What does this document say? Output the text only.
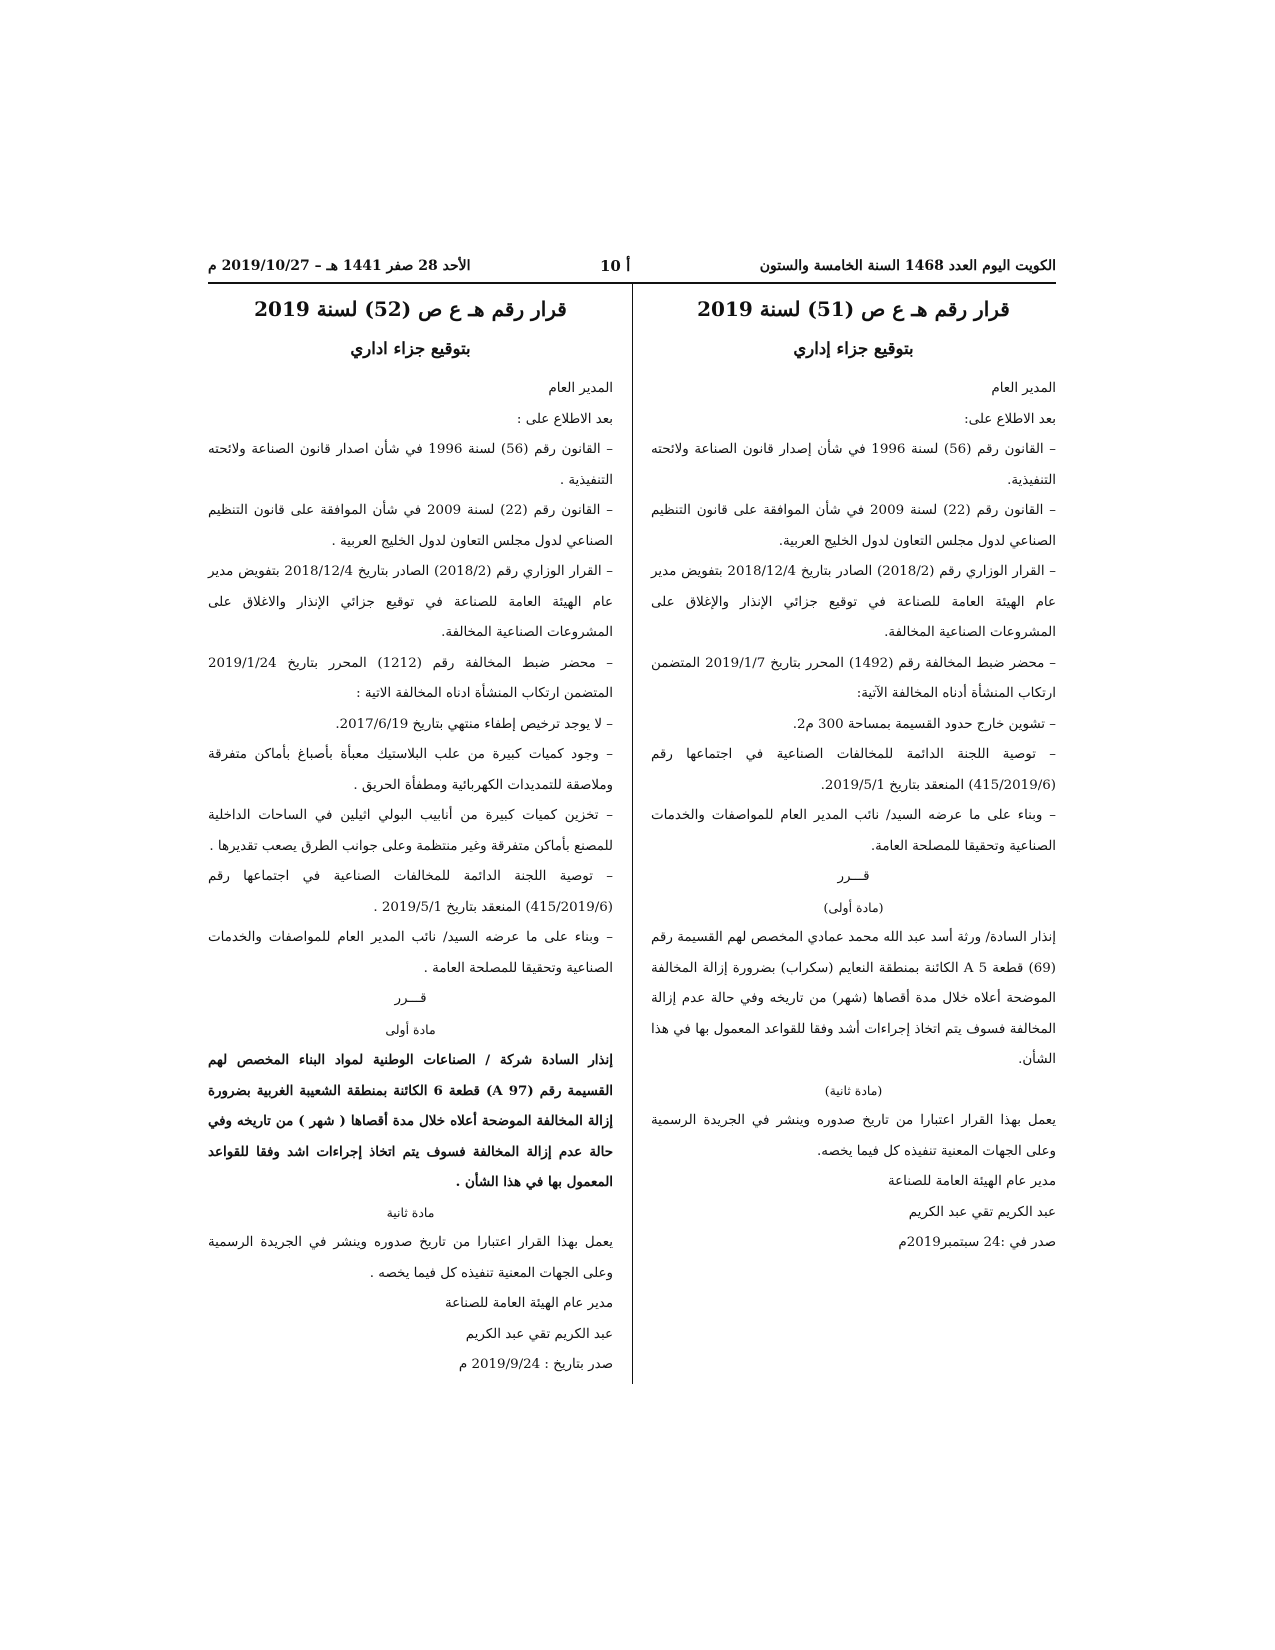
الكويت اليوم العدد 1468 السنة الخامسة والستون
أ 10
الأحد 28 صفر 1441 هـ – 2019/10/27 م
قرار رقم هـ ع ص (51) لسنة 2019
بتوقيع جزاء إداري

المدير العام

بعد الاطلاع على:

– القانون رقم (56) لسنة 1996 في شأن إصدار قانون الصناعة ولائحته التنفيذية.

– القانون رقم (22) لسنة 2009 في شأن الموافقة على قانون التنظيم الصناعي لدول مجلس التعاون لدول الخليج العربية.

– القرار الوزاري رقم (2018/2) الصادر بتاريخ 2018/12/4 بتفويض مدير عام الهيئة العامة للصناعة في توقيع جزائي الإنذار والإغلاق على المشروعات الصناعية المخالفة.

– محضر ضبط المخالفة رقم (1492) المحرر بتاريخ 2019/1/7 المتضمن ارتكاب المنشأة أدناه المخالفة الآتية:

– تشوين خارج حدود القسيمة بمساحة 300 م2.

– توصية اللجنة الدائمة للمخالفات الصناعية في اجتماعها رقم (415/2019/6) المنعقد بتاريخ 2019/5/1.

– وبناء على ما عرضه السيد/ نائب المدير العام للمواصفات والخدمات الصناعية وتحقيقا للمصلحة العامة.

قـــرر

(مادة أولى)

إنذار السادة/ ورثة أسد عبد الله محمد عمادي المخصص لهم القسيمة رقم (69) قطعة A 5 الكائنة بمنطقة النعايم (سكراب) بضرورة إزالة المخالفة الموضحة أعلاه خلال مدة أقصاها (شهر) من تاريخه وفي حالة عدم إزالة المخالفة فسوف يتم اتخاذ إجراءات أشد وفقا للقواعد المعمول بها في هذا الشأن.

(مادة ثانية)

يعمل بهذا القرار اعتبارا من تاريخ صدوره وينشر في الجريدة الرسمية وعلى الجهات المعنية تنفيذه كل فيما يخصه.

مدير عام الهيئة العامة للصناعة

عبد الكريم تقي عبد الكريم

صدر في :24 سبتمبر2019م

قرار رقم هـ ع ص (52) لسنة 2019
بتوقيع جزاء اداري

المدير العام

بعد الاطلاع على :

– القانون رقم (56) لسنة 1996 في شأن اصدار قانون الصناعة ولائحته التنفيذية .

– القانون رقم (22) لسنة 2009 في شأن الموافقة على قانون التنظيم الصناعي لدول مجلس التعاون لدول الخليج العربية .

– القرار الوزاري رقم (2018/2) الصادر بتاريخ 2018/12/4 بتفويض مدير عام الهيئة العامة للصناعة في توقيع جزائي الإنذار والاغلاق على المشروعات الصناعية المخالفة.

– محضر ضبط المخالفة رقم (1212) المحرر بتاريخ 2019/1/24 المتضمن ارتكاب المنشأة ادناه المخالفة الاتية :

– لا يوجد ترخيص إطفاء منتهي بتاريخ 2017/6/19.

– وجود كميات كبيرة من علب البلاستيك معبأة بأصباغ بأماكن متفرقة وملاصقة للتمديدات الكهربائية ومطفأة الحريق .

– تخزين كميات كبيرة من أنابيب البولي اثيلين في الساحات الداخلية للمصنع بأماكن متفرقة وغير منتظمة وعلى جوانب الطرق يصعب تقديرها .

– توصية اللجنة الدائمة للمخالفات الصناعية في اجتماعها رقم (415/2019/6) المنعقد بتاريخ 2019/5/1 .

– وبناء على ما عرضه السيد/ نائب المدير العام للمواصفات والخدمات الصناعية وتحقيقا للمصلحة العامة .

قـــرر

مادة أولى

إنذار السادة شركة / الصناعات الوطنية لمواد البناء المخصص لهم القسيمة رقم (A 97) قطعة 6 الكائنة بمنطقة الشعيبة الغربية بضرورة إزالة المخالفة الموضحة أعلاه خلال مدة أقصاها ( شهر ) من تاريخه وفي حالة عدم إزالة المخالفة فسوف يتم اتخاذ إجراءات اشد وفقا للقواعد المعمول بها في هذا الشأن .

مادة ثانية

يعمل بهذا القرار اعتبارا من تاريخ صدوره وينشر في الجريدة الرسمية وعلى الجهات المعنية تنفيذه كل فيما يخصه .

مدير عام الهيئة العامة للصناعة

عبد الكريم تقي عبد الكريم

صدر بتاريخ : 2019/9/24 م
